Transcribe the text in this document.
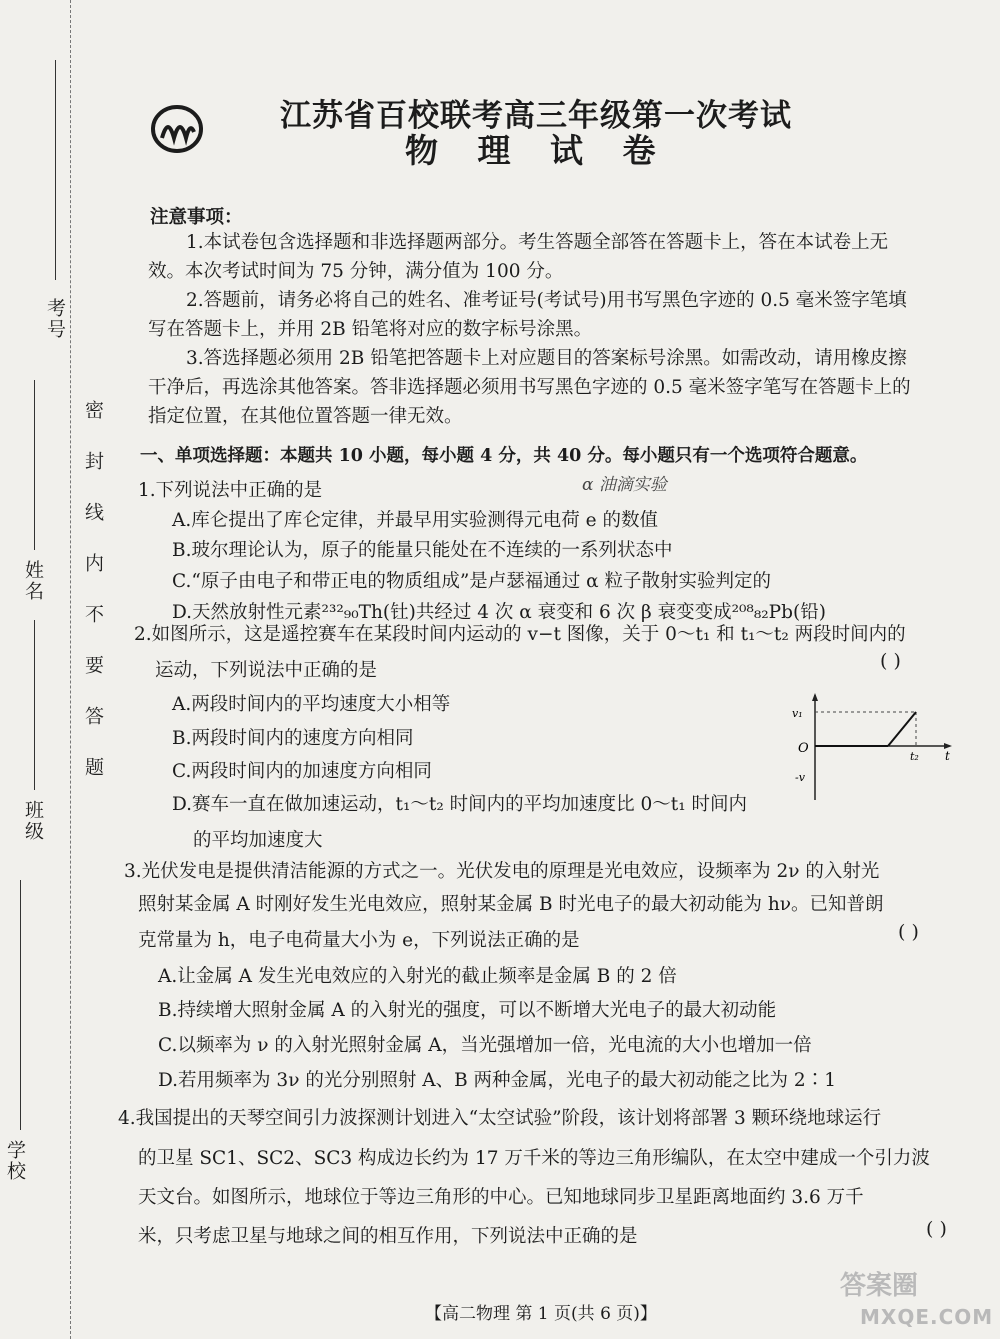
考号
姓名
班级
学校
密封线内不要答题
江苏省百校联考高三年级第一次考试
物 理 试 卷
注意事项：
1.本试卷包含选择题和非选择题两部分。考生答题全部答在答题卡上，答在本试卷上无
效。本次考试时间为 75 分钟，满分值为 100 分。
2.答题前，请务必将自己的姓名、准考证号(考试号)用书写黑色字迹的 0.5 毫米签字笔填
写在答题卡上，并用 2B 铅笔将对应的数字标号涂黑。
3.答选择题必须用 2B 铅笔把答题卡上对应题目的答案标号涂黑。如需改动，请用橡皮擦
干净后，再选涂其他答案。答非选择题必须用书写黑色字迹的 0.5 毫米签字笔写在答题卡上的
指定位置，在其他位置答题一律无效。
一、单项选择题：本题共 10 小题，每小题 4 分，共 40 分。每小题只有一个选项符合题意。
1.下列说法中正确的是	α 油滴实验
A.库仑提出了库仑定律，并最早用实验测得元电荷 e 的数值
B.玻尔理论认为，原子的能量只能处在不连续的一系列状态中
C.“原子由电子和带正电的物质组成”是卢瑟福通过 α 粒子散射实验判定的
D.天然放射性元素²³²₉₀Th(钍)共经过 4 次 α 衰变和 6 次 β 衰变变成²⁰⁸₈₂Pb(铅)
2.如图所示，这是遥控赛车在某段时间内运动的 v−t 图像，关于 0～t₁ 和 t₁～t₂ 两段时间内的
运动，下列说法中正确的是	( )
A.两段时间内的平均速度大小相等
B.两段时间内的速度方向相同
C.两段时间内的加速度方向相同
D.赛车一直在做加速运动，t₁～t₂ 时间内的平均加速度比 0～t₁ 时间内
的平均加速度大
v₁
O
-v
t₂ t
3.光伏发电是提供清洁能源的方式之一。光伏发电的原理是光电效应，设频率为 2ν 的入射光
照射某金属 A 时刚好发生光电效应，照射某金属 B 时光电子的最大初动能为 hν。已知普朗
克常量为 h，电子电荷量大小为 e，下列说法正确的是	( )
A.让金属 A 发生光电效应的入射光的截止频率是金属 B 的 2 倍
B.持续增大照射金属 A 的入射光的强度，可以不断增大光电子的最大初动能
C.以频率为 ν 的入射光照射金属 A，当光强增加一倍，光电流的大小也增加一倍
D.若用频率为 3ν 的光分别照射 A、B 两种金属，光电子的最大初动能之比为 2∶1
4.我国提出的天琴空间引力波探测计划进入“太空试验”阶段，该计划将部署 3 颗环绕地球运行
的卫星 SC1、SC2、SC3 构成边长约为 17 万千米的等边三角形编队，在太空中建成一个引力波
天文台。如图所示，地球位于等边三角形的中心。已知地球同步卫星距离地面约 3.6 万千
米，只考虑卫星与地球之间的相互作用，下列说法中正确的是	( )
【高二物理 第 1 页(共 6 页)】
答案圈
MXQE.COM
